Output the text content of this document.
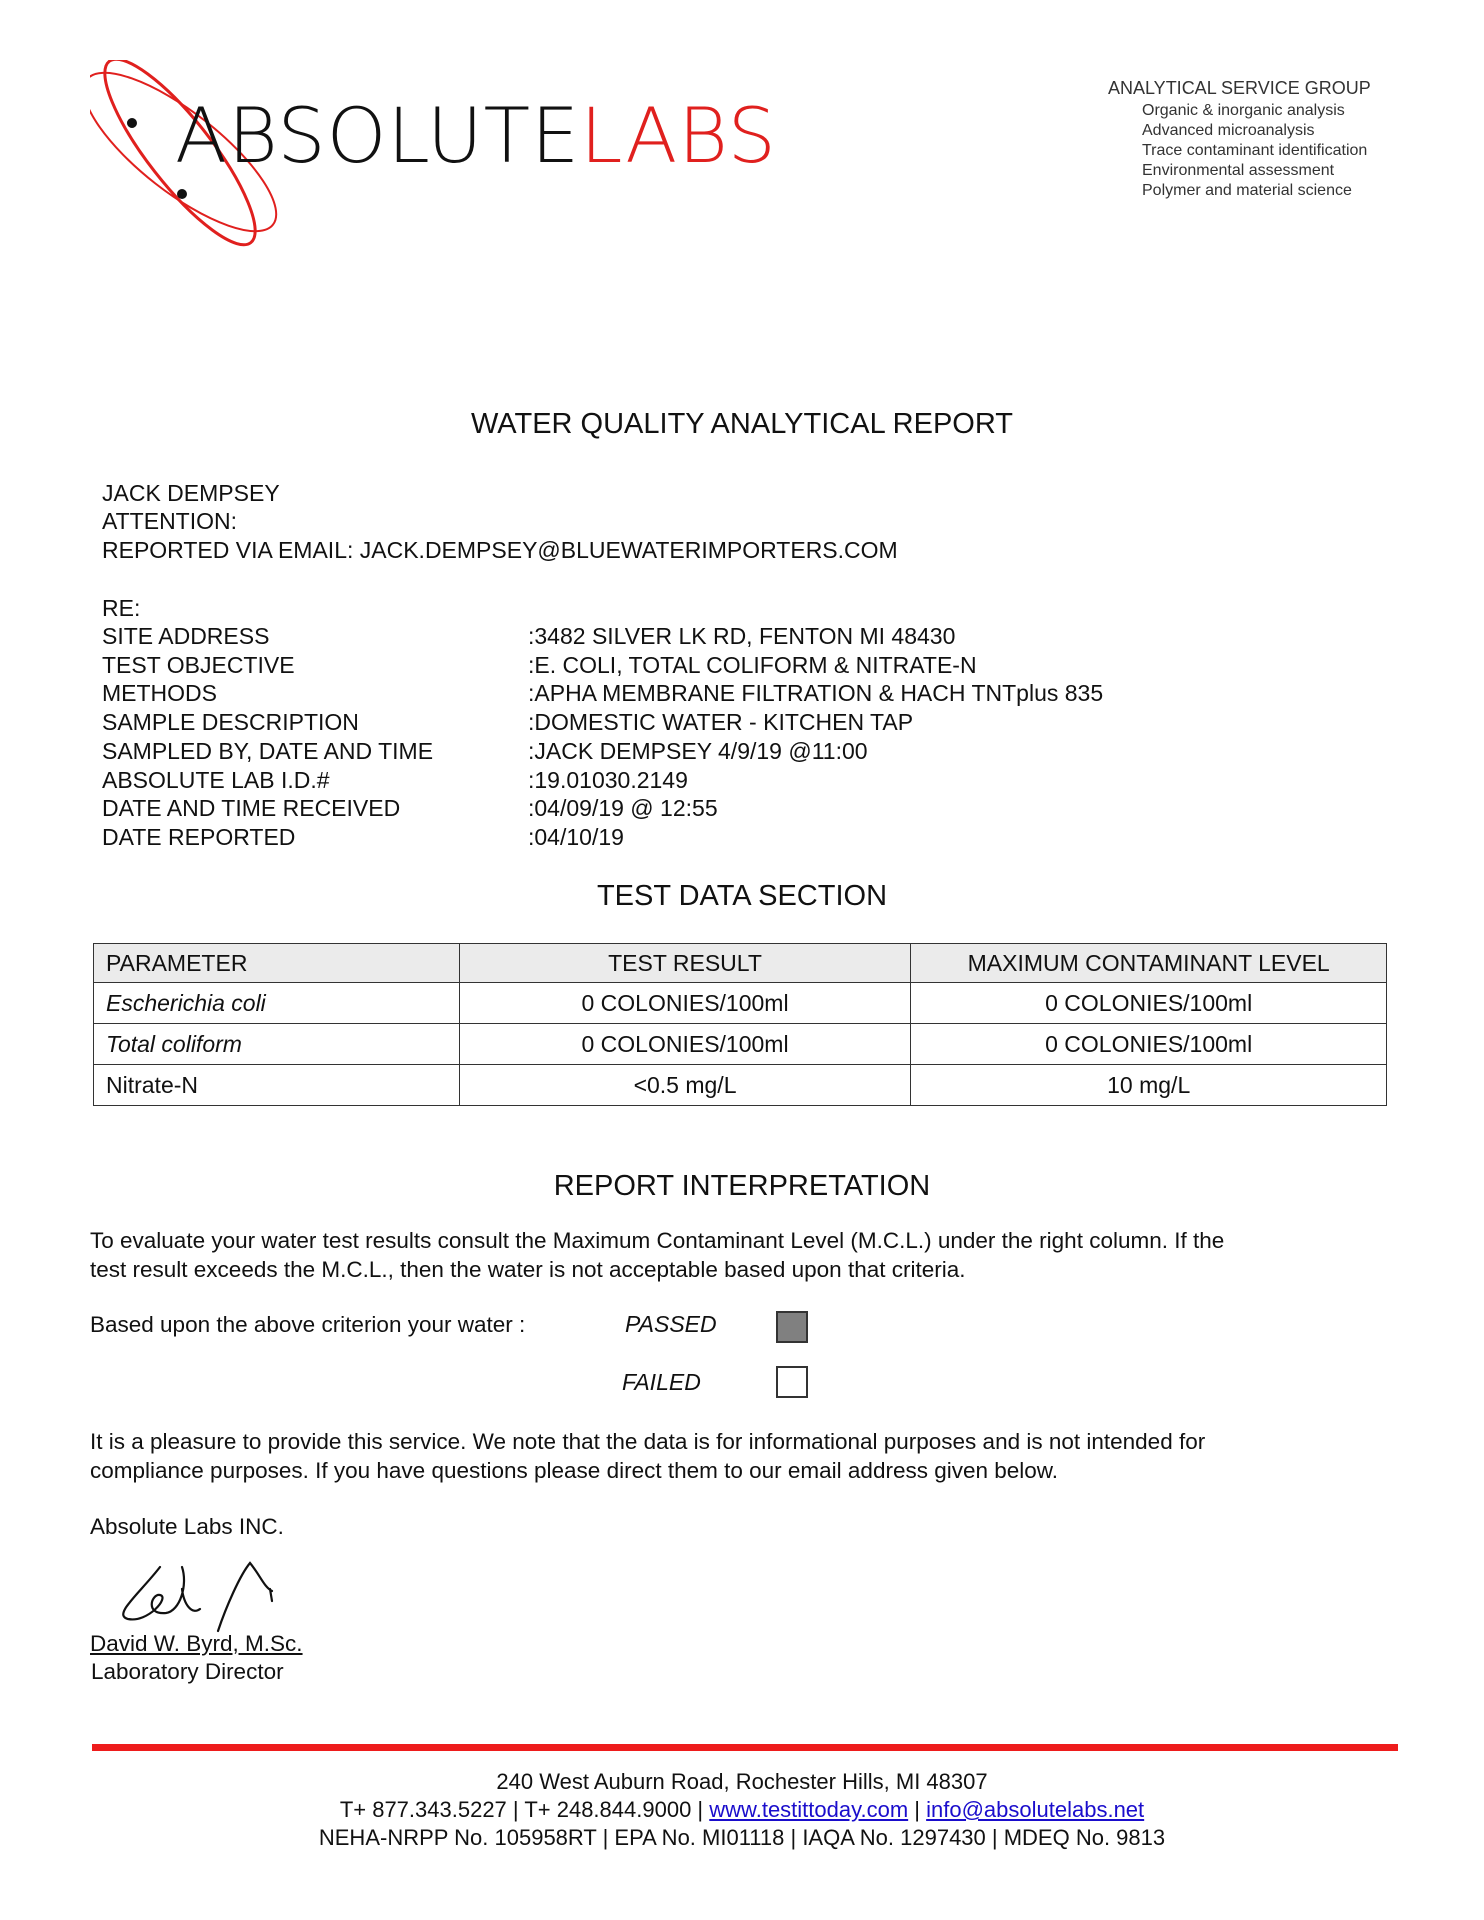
ABSOLUTELABS
ANALYTICAL SERVICE GROUP
Organic & inorganic analysis
Advanced microanalysis
Trace contaminant identification
Environmental assessment
Polymer and material science
WATER QUALITY ANALYTICAL REPORT
JACK DEMPSEY
ATTENTION:
REPORTED VIA EMAIL: JACK.DEMPSEY@BLUEWATERIMPORTERS.COM
RE:
SITE ADDRESS	:3482 SILVER LK RD, FENTON MI 48430
TEST OBJECTIVE	:E. COLI, TOTAL COLIFORM & NITRATE-N
METHODS	:APHA MEMBRANE FILTRATION & HACH TNTplus 835
SAMPLE DESCRIPTION	:DOMESTIC WATER - KITCHEN TAP
SAMPLED BY, DATE AND TIME	:JACK DEMPSEY 4/9/19 @11:00
ABSOLUTE LAB I.D.#	:19.01030.2149
DATE AND TIME RECEIVED	:04/09/19 @ 12:55
DATE REPORTED	:04/10/19
TEST DATA SECTION
PARAMETER	TEST RESULT	MAXIMUM CONTAMINANT LEVEL
Escherichia coli	0 COLONIES/100ml	0 COLONIES/100ml
Total coliform	0 COLONIES/100ml	0 COLONIES/100ml
Nitrate-N	<0.5 mg/L	10 mg/L
REPORT INTERPRETATION
To evaluate your water test results consult the Maximum Contaminant Level (M.C.L.) under the right column. If the
test result exceeds the M.C.L., then the water is not acceptable based upon that criteria.
Based upon the above criterion your water :	PASSED
FAILED
It is a pleasure to provide this service. We note that the data is for informational purposes and is not intended for
compliance purposes. If you have questions please direct them to our email address given below.
Absolute Labs INC.
David W. Byrd, M.Sc.
Laboratory Director
240 West Auburn Road, Rochester Hills, MI 48307
T+ 877.343.5227 | T+ 248.844.9000 | www.testittoday.com | info@absolutelabs.net
NEHA-NRPP No. 105958RT | EPA No. MI01118 | IAQA No. 1297430 | MDEQ No. 9813
